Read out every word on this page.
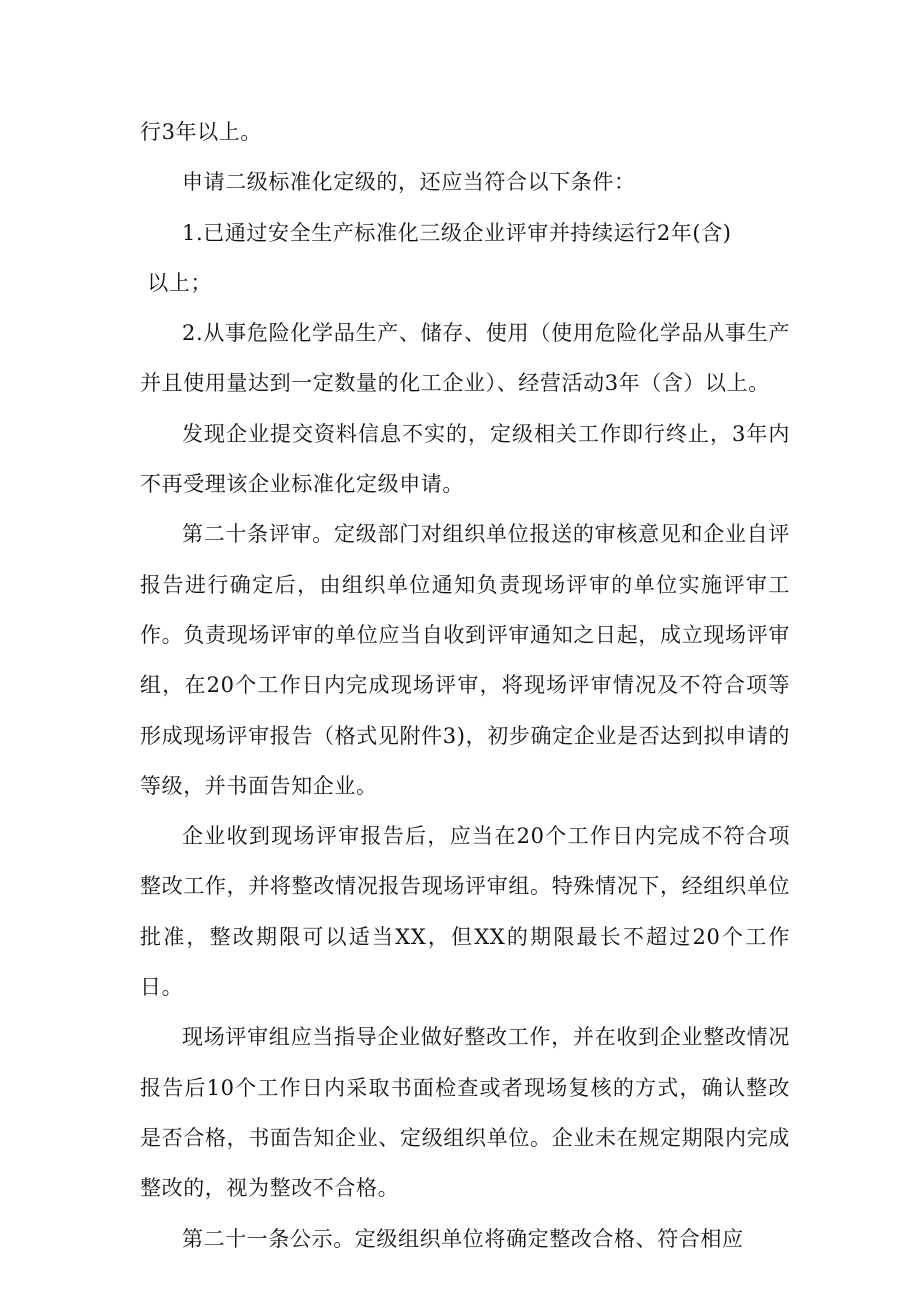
行3年以上。

申请二级标准化定级的，还应当符合以下条件：

1.已通过安全生产标准化三级企业评审并持续运行2年(含)
以上；

2.从事危险化学品生产、储存、使用（使用危险化学品从事生产并且使用量达到一定数量的化工企业）、经营活动3年（含）以上。

发现企业提交资料信息不实的，定级相关工作即行终止，3年内不再受理该企业标准化定级申请。

第二十条评审。定级部门对组织单位报送的审核意见和企业自评报告进行确定后，由组织单位通知负责现场评审的单位实施评审工作。负责现场评审的单位应当自收到评审通知之日起，成立现场评审组，在20个工作日内完成现场评审，将现场评审情况及不符合项等形成现场评审报告（格式见附件3)，初步确定企业是否达到拟申请的等级，并书面告知企业。

企业收到现场评审报告后，应当在20个工作日内完成不符合项整改工作，并将整改情况报告现场评审组。特殊情况下，经组织单位批准，整改期限可以适当XX，但XX的期限最长不超过20个工作日。

现场评审组应当指导企业做好整改工作，并在收到企业整改情况报告后10个工作日内采取书面检查或者现场复核的方式，确认整改是否合格，书面告知企业、定级组织单位。企业未在规定期限内完成整改的，视为整改不合格。

第二十一条公示。定级组织单位将确定整改合格、符合相应
